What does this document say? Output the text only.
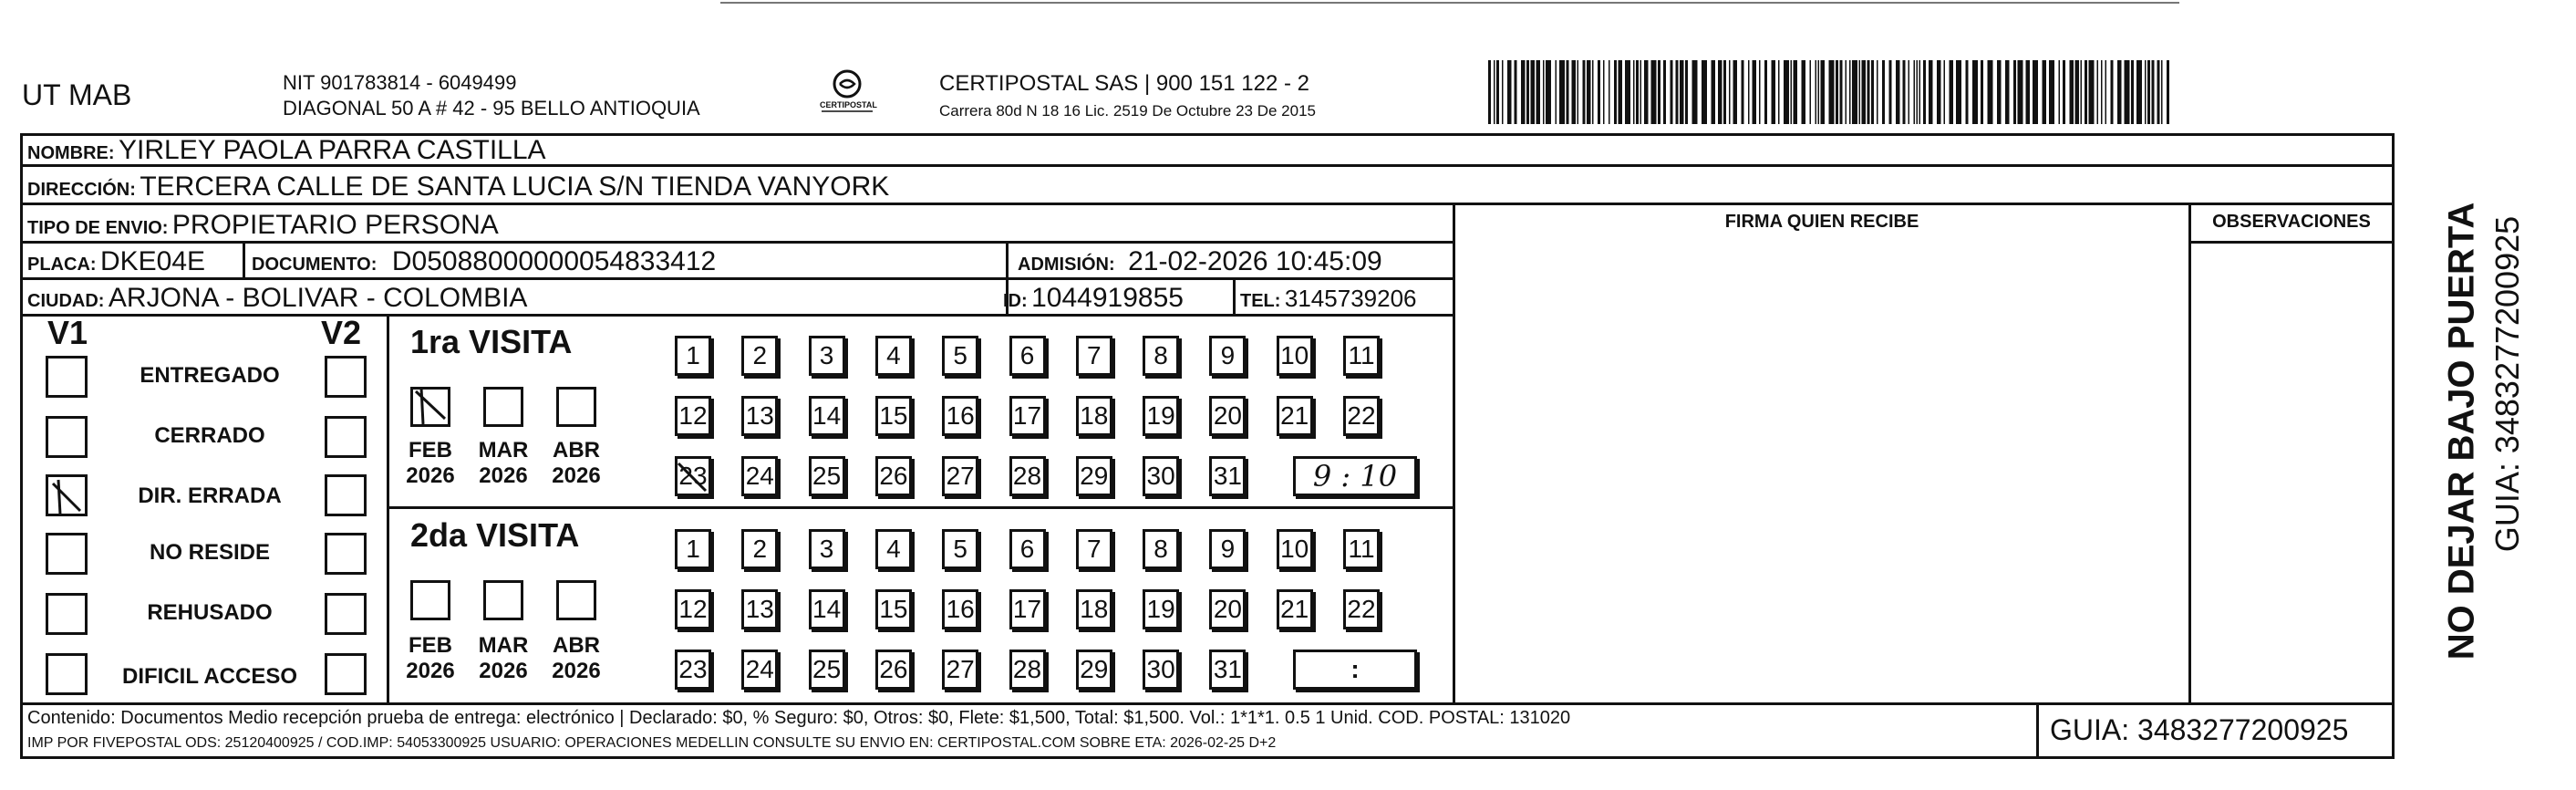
UT MAB	NIT 901783814 - 6049499
DIAGONAL 50 A # 42 - 95 BELLO ANTIOQUIA	CERTIPOSTAL
CERTIPOSTAL SAS | 900 151 122 - 2
Carrera 80d N 18 16 Lic. 2519 De Octubre 23 De 2015
NOMBRE: YIRLEY PAOLA PARRA CASTILLA
DIRECCIÓN: TERCERA CALLE DE SANTA LUCIA S/N TIENDA VANYORK
TIPO DE ENVIO: PROPIETARIO PERSONA	FIRMA QUIEN RECIBE	OBSERVACIONES
PLACA: DKE04E	DOCUMENTO: D05088000000054833412	ADMISIÓN: 21-02-2026 10:45:09
CIUDAD: ARJONA - BOLIVAR - COLOMBIA	ID: 1044919855	TEL: 3145739206
V1	V2
ENTREGADO
CERRADO
DIR. ERRADA
NO RESIDE
REHUSADO
DIFICIL ACCESO
1ra VISITA
FEB
2026
MAR
2026
ABR
2026
1	2	3	4	5	6	7	8	9	10 11
12 13 14 15 16 17 18 19 20 21 22
23 24 25 26 27 28 29 30 31	9 : 10
2da VISITA
FEB
2026
MAR
2026
ABR
2026
1	2	3	4	5	6	7	8	9	10 11
12 13 14 15 16 17 18 19 20 21 22
23 24 25 26 27 28 29 30 31	:
Contenido: Documentos Medio recepción prueba de entrega: electrónico | Declarado: $0, % Seguro: $0, Otros: $0, Flete: $1,500, Total: $1,500. Vol.: 1*1*1. 0.5 1 Unid. COD. POSTAL: 131020
IMP POR FIVEPOSTAL ODS: 25120400925 / COD.IMP: 54053300925 USUARIO: OPERACIONES MEDELLIN CONSULTE SU ENVIO EN: CERTIPOSTAL.COM SOBRE ETA: 2026-02-25 D+2	GUIA: 3483277200925
NO DEJAR BAJO PUERTA GUIA: 3483277200925
